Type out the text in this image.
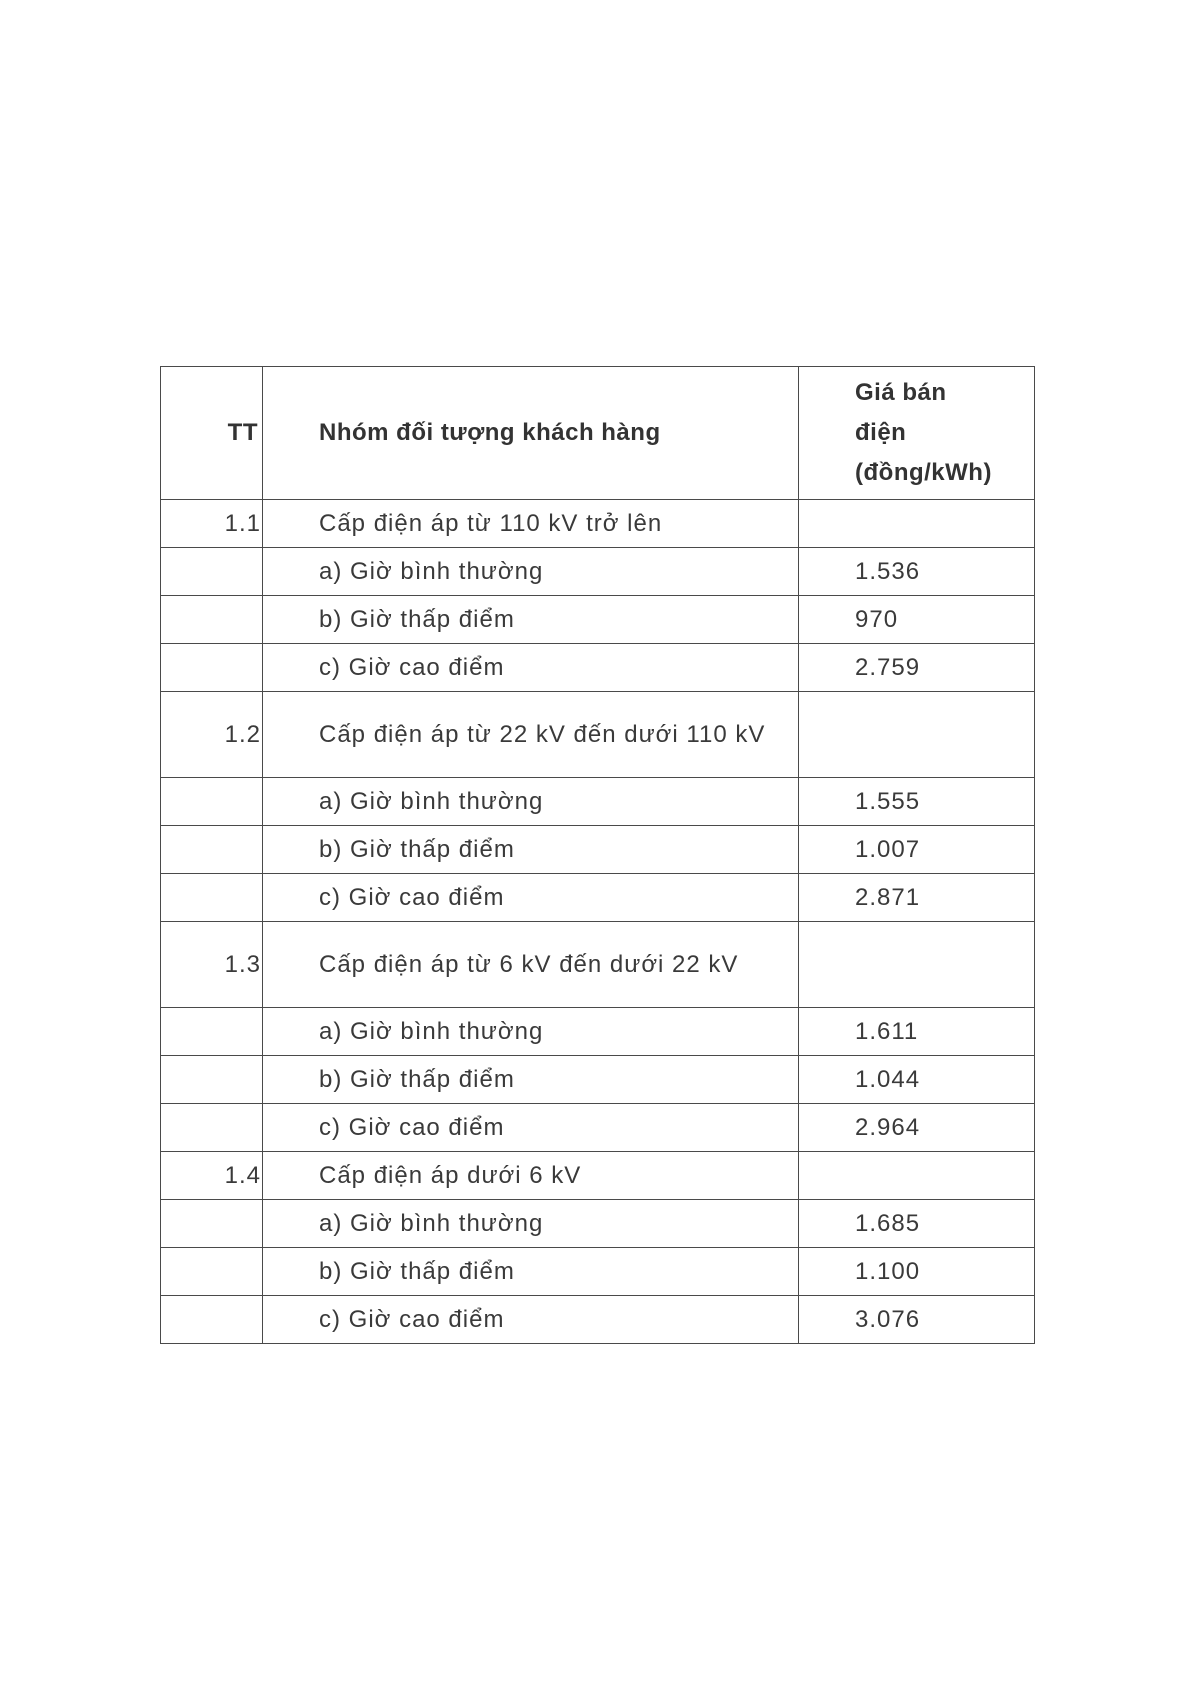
TT	Nhóm đối tượng khách hàng	Giá bán
điện
(đồng/kWh)

1.1	Cấp điện áp từ 110 kV trở lên	
	a) Giờ bình thường	1.536
	b) Giờ thấp điểm	970
	c) Giờ cao điểm	2.759
1.2	Cấp điện áp từ 22 kV đến dưới 110 kV	
	a) Giờ bình thường	1.555
	b) Giờ thấp điểm	1.007
	c) Giờ cao điểm	2.871
1.3	Cấp điện áp từ 6 kV đến dưới 22 kV	
	a) Giờ bình thường	1.611
	b) Giờ thấp điểm	1.044
	c) Giờ cao điểm	2.964
1.4	Cấp điện áp dưới 6 kV	
	a) Giờ bình thường	1.685
	b) Giờ thấp điểm	1.100
	c) Giờ cao điểm	3.076
